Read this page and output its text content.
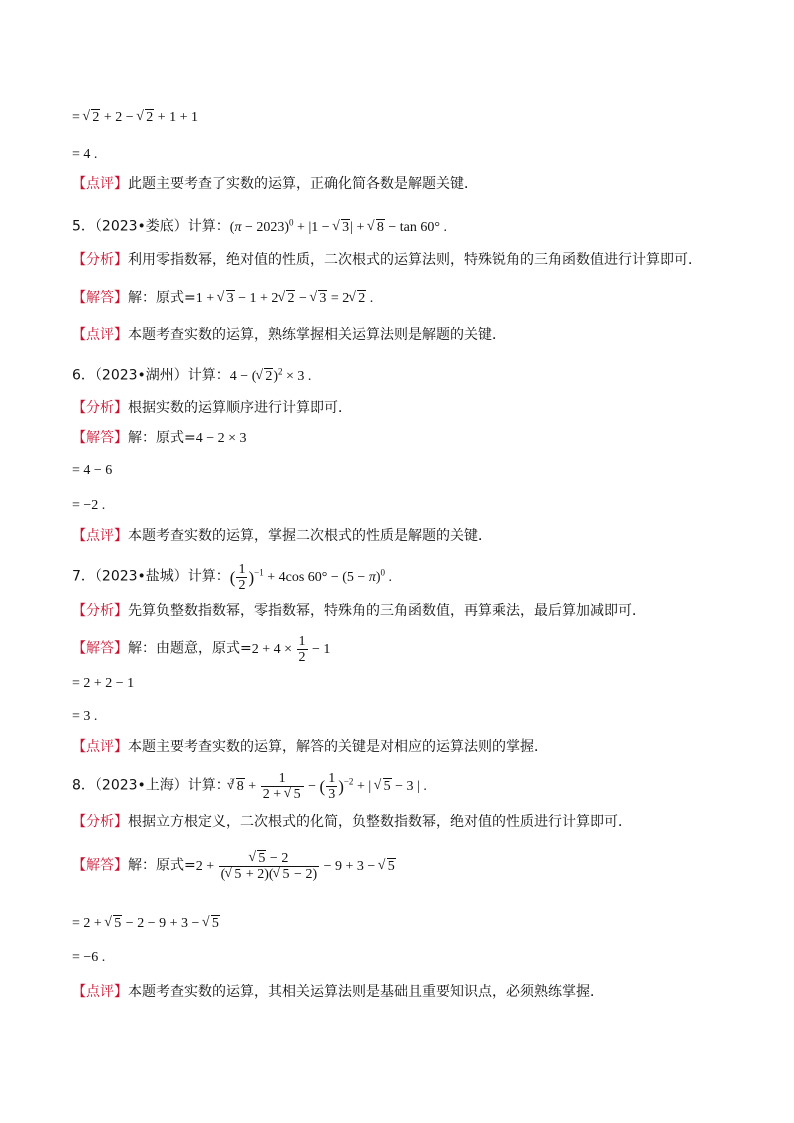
= √ 2 + 2 − √ 2 + 1 + 1
= 4 .
【点评】此题主要考查了实数的运算，正确化简各数是解题关键．
5．（2023•娄底）计算：$(\pi - 2023)^0 + |1$ − √ 3| + √ 8 − tan 60° .
【分析】利用零指数幂，绝对值的性质，二次根式的运算法则，特殊锐角的三角函数值进行计算即可．
【解答】解：原式=1 + √ 3 − 1 + 2 √ 2 − √ 3 = 2 √ 2 .
【点评】本题考查实数的运算，熟练掌握相关运算法则是解题的关键．
6．（2023•湖州）计算：4 − ( √ 2)$^2$ × 3 .
【分析】根据实数的运算顺序进行计算即可．
【解答】解：原式=4 − 2 × 3
= 4 − 6
= −2 .
【点评】本题考查实数的运算，掌握二次根式的性质是解题的关键．
7．（2023•盐城）计算：( $\frac{1}{2} )^{-1} + 4\cos$ $60^\circ - (5 - \pi)^0$ .
【分析】先算负整数指数幂，零指数幂，特殊角的三角函数值，再算乘法，最后算加减即可．
【解答】解：由题意，原式$=2 + 4 \times \frac{1}{2} - 1$
= 2 + 2 − 1
= 3 .
【点评】本题主要考查实数的运算，解答的关键是对相应的运算法则的掌握．
8．（2023•上海）计算：$^3$ √ $8 + \frac{1}{2 + √ 5}$ − ( $\frac{1}{3} )^{-2}$ + | √ 5 − 3 | .
【分析】根据立方根定义，二次根式的化简，负整数指数幂，绝对值的性质进行计算即可．
【解答】解：原式=2 + √ $\frac{5 - 2}{( √ 5 + 2)( √ 5 - 2)} - 9 + 3$ − √ 5
= 2 + √ 5 − 2 − 9 + 3 − √ 5
= −6 .
【点评】本题考查实数的运算，其相关运算法则是基础且重要知识点，必须熟练掌握．
